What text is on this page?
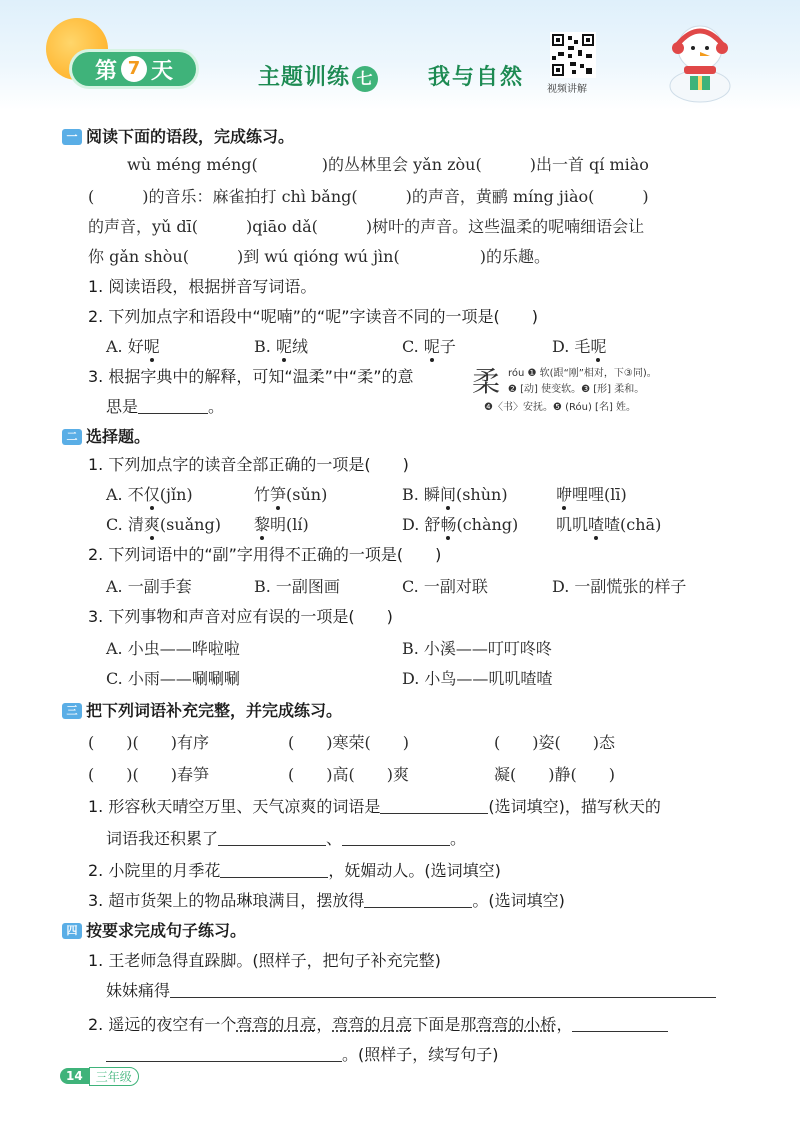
第 7 天	主题训练 七 我与自然 视频讲解
一 阅读下面的语段，完成练习。
wù méng méng(　　　　)的丛林里会 yǎn zòu(　　　)出一首 qí miào
(　　　)的音乐：麻雀拍打 chì bǎng(　　　)的声音，黄鹂 míng jiào(　　　)
的声音，yǔ dī(　　　)qiāo dǎ(　　　)树叶的声音。这些温柔的呢喃细语会让
你 gǎn shòu(　　　)到 wú qióng wú jìn(　　　　　)的乐趣。
1. 阅读语段，根据拼音写词语。
2. 下列加点字和语段中“呢喃”的“呢”字读音不同的一项是(　　)
A. 好呢	B. 呢绒	C. 呢子	D. 毛呢
3. 根据字典中的解释，可知“温柔”中“柔”的意
思是	。
柔 róu ❶ 软(跟“刚”相对，下③同)。
❷ [动] 使变软。❸ [形] 柔和。
❹〈书〉安抚。❺ (Róu) [名] 姓。
二 选择题。
1. 下列加点字的读音全部正确的一项是(　　)
A. 不仅(jǐn)	竹笋(sǔn)	B. 瞬间(shùn)	咿哩哩(lī)
C. 清爽(suǎng) 黎明(lí)	D. 舒畅(chàng) 叽叽喳喳(chā)
2. 下列词语中的“副”字用得不正确的一项是(　　)
A. 一副手套	B. 一副图画	C. 一副对联	D. 一副慌张的样子
3. 下列事物和声音对应有误的一项是(　　)
A. 小虫——哗啦啦	B. 小溪——叮叮咚咚
C. 小雨——唰唰唰	D. 小鸟——叽叽喳喳
三 把下列词语补充完整，并完成练习。
(　　)(　　)有序	(　　)寒荣(　　)	(　　)姿(　　)态
(　　)(　　)春笋	(　　)高(　　)爽	凝(　　)静(　　)
1. 形容秋天晴空万里、天气凉爽的词语是	(选词填空)，描写秋天的
词语我还积累了	、	。
2. 小院里的月季花	，妩媚动人。(选词填空)
3. 超市货架上的物品琳琅满目，摆放得	。(选词填空)
四 按要求完成句子练习。
1. 王老师急得直跺脚。(照样子，把句子补充完整)
妹妹痛得
2. 遥远的夜空有一个弯弯的月亮，弯弯的月亮下面是那弯弯的小桥，
。(照样子，续写句子)
14	三年级
